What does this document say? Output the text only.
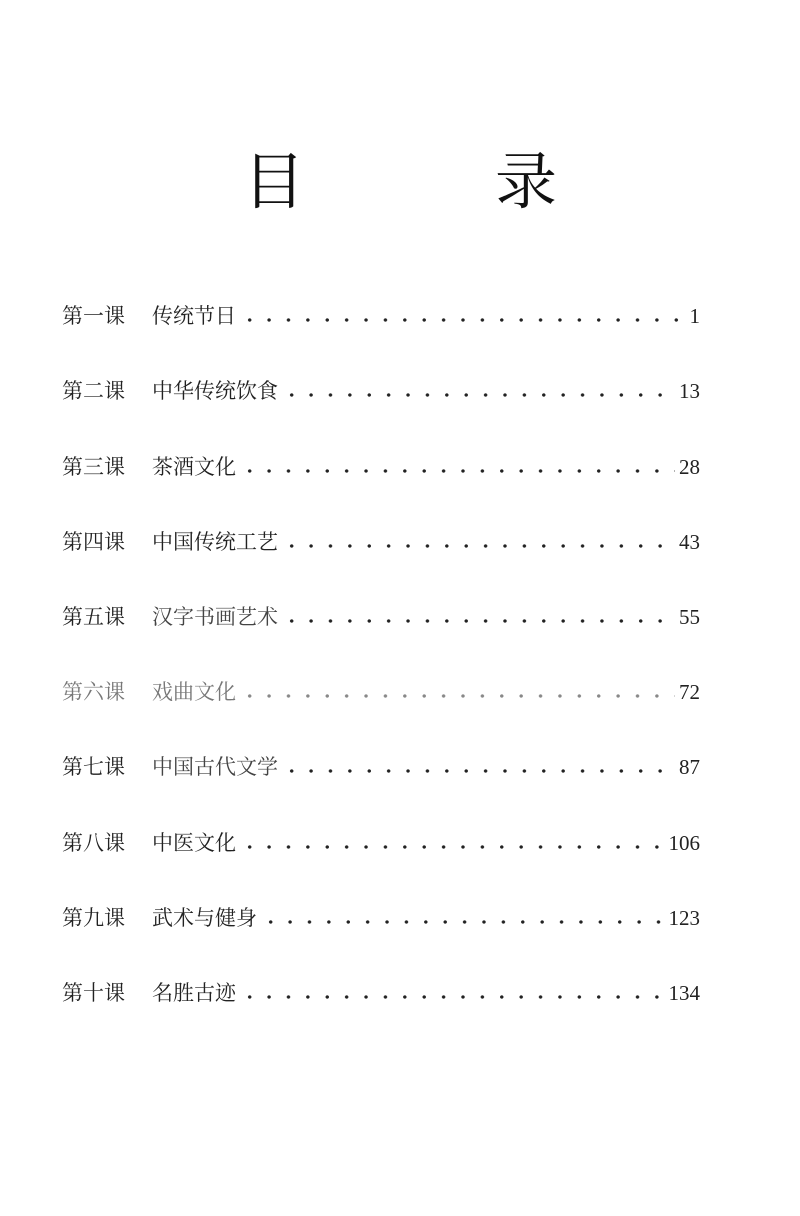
目　录
第一课	传统节日	1
第二课	中华传统饮食	13
第三课	茶酒文化	28
第四课	中国传统工艺	43
第五课	汉字书画艺术	55
第六课	戏曲文化	72
第七课	中国古代文学	87
第八课	中医文化	106
第九课	武术与健身	123
第十课	名胜古迹	134
